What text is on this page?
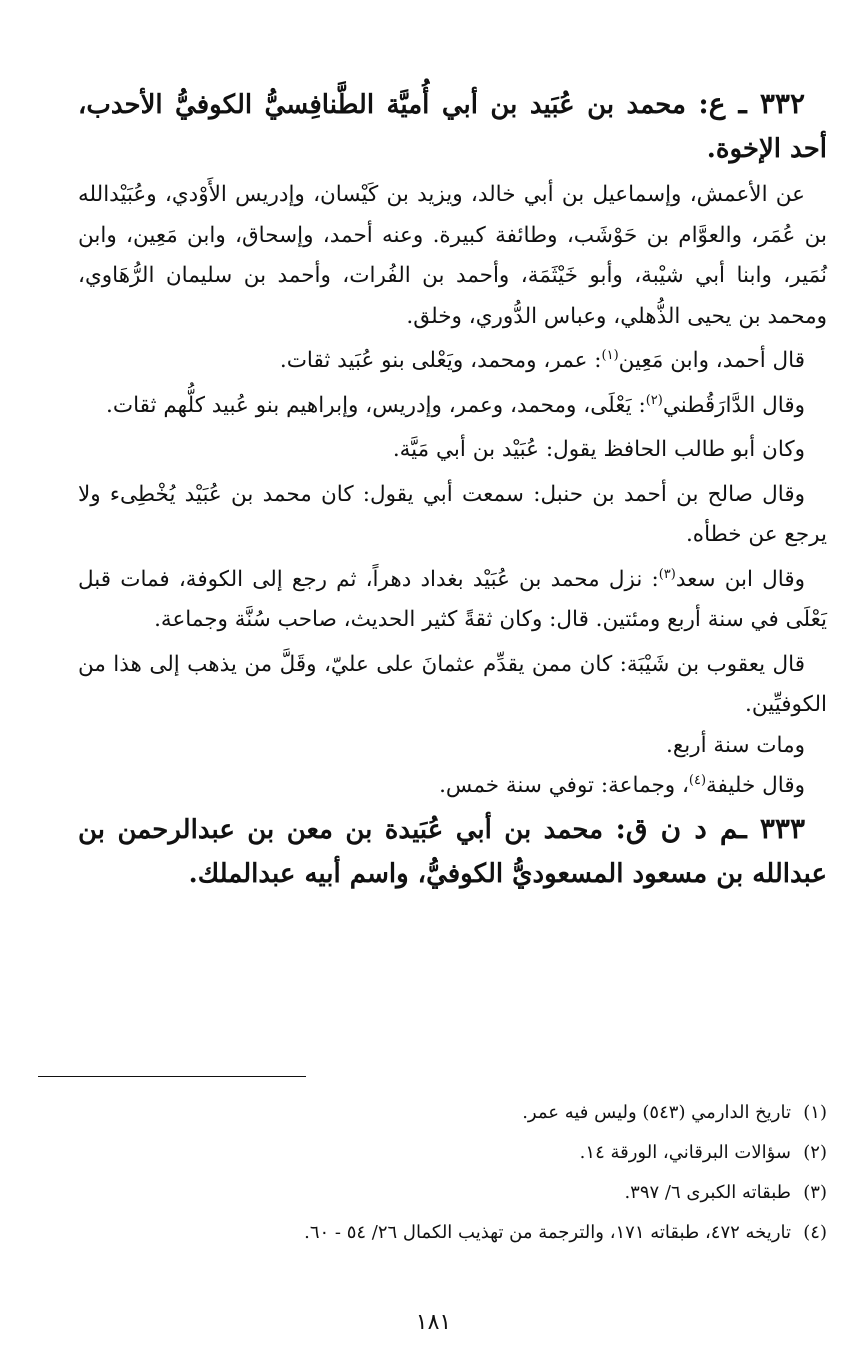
٣٣٢ ـ ع: محمد بن عُبَيد بن أبي أُميَّة الطَّنافِسيُّ الكوفيُّ الأحدب، أحد الإخوة.

عن الأعمش، وإسماعيل بن أبي خالد، ويزيد بن كَيْسان، وإدريس الأَوْدي، وعُبَيْدالله بن عُمَر، والعوَّام بن حَوْشَب، وطائفة كبيرة. وعنه أحمد، وإسحاق، وابن مَعِين، وابن نُمَير، وابنا أبي شيْبة، وأبو خَيْثَمَة، وأحمد بن الفُرات، وأحمد بن سليمان الرُّهَاوي، ومحمد بن يحيى الذُّهلي، وعباس الدُّوري، وخلق.

قال أحمد، وابن مَعِين$^{(١)}$: عمر، ومحمد، ويَعْلى بنو عُبَيد ثقات.

وقال الدَّارَقُطني$^{(٢)}$: يَعْلَى، ومحمد، وعمر، وإدريس، وإبراهيم بنو عُبيد كلُّهم ثقات.

وكان أبو طالب الحافظ يقول: عُبَيْد بن أبي مَيَّة.

وقال صالح بن أحمد بن حنبل: سمعت أبي يقول: كان محمد بن عُبَيْد يُخْطِىء ولا يرجع عن خطأه.

وقال ابن سعد$^{(٣)}$: نزل محمد بن عُبَيْد بغداد دهراً، ثم رجع إلى الكوفة، فمات قبل يَعْلَى في سنة أربع ومئتين. قال: وكان ثقةً كثير الحديث، صاحب سُنَّة وجماعة.

قال يعقوب بن شَيْبَة: كان ممن يقدِّم عثمانَ على عليّ، وقَلَّ من يذهب إلى هذا من الكوفيِّين.

ومات سنة أربع.

وقال خليفة$^{(٤)}$، وجماعة: توفي سنة خمس.

٣٣٣ ـم د ن ق: محمد بن أبي عُبَيدة بن معن بن عبدالرحمن بن عبدالله بن مسعود المسعوديُّ الكوفيُّ، واسم أبيه عبدالملك.

(١)تاريخ الدارمي (٥٤٣) وليس فيه عمر.
(٢)سؤالات البرقاني، الورقة ١٤.
(٣)طبقاته الكبرى ٦/ ٣٩٧.
(٤)تاريخه ٤٧٢، طبقاته ١٧١، والترجمة من تهذيب الكمال ٢٦/ ٥٤ - ٦٠.
١٨١
